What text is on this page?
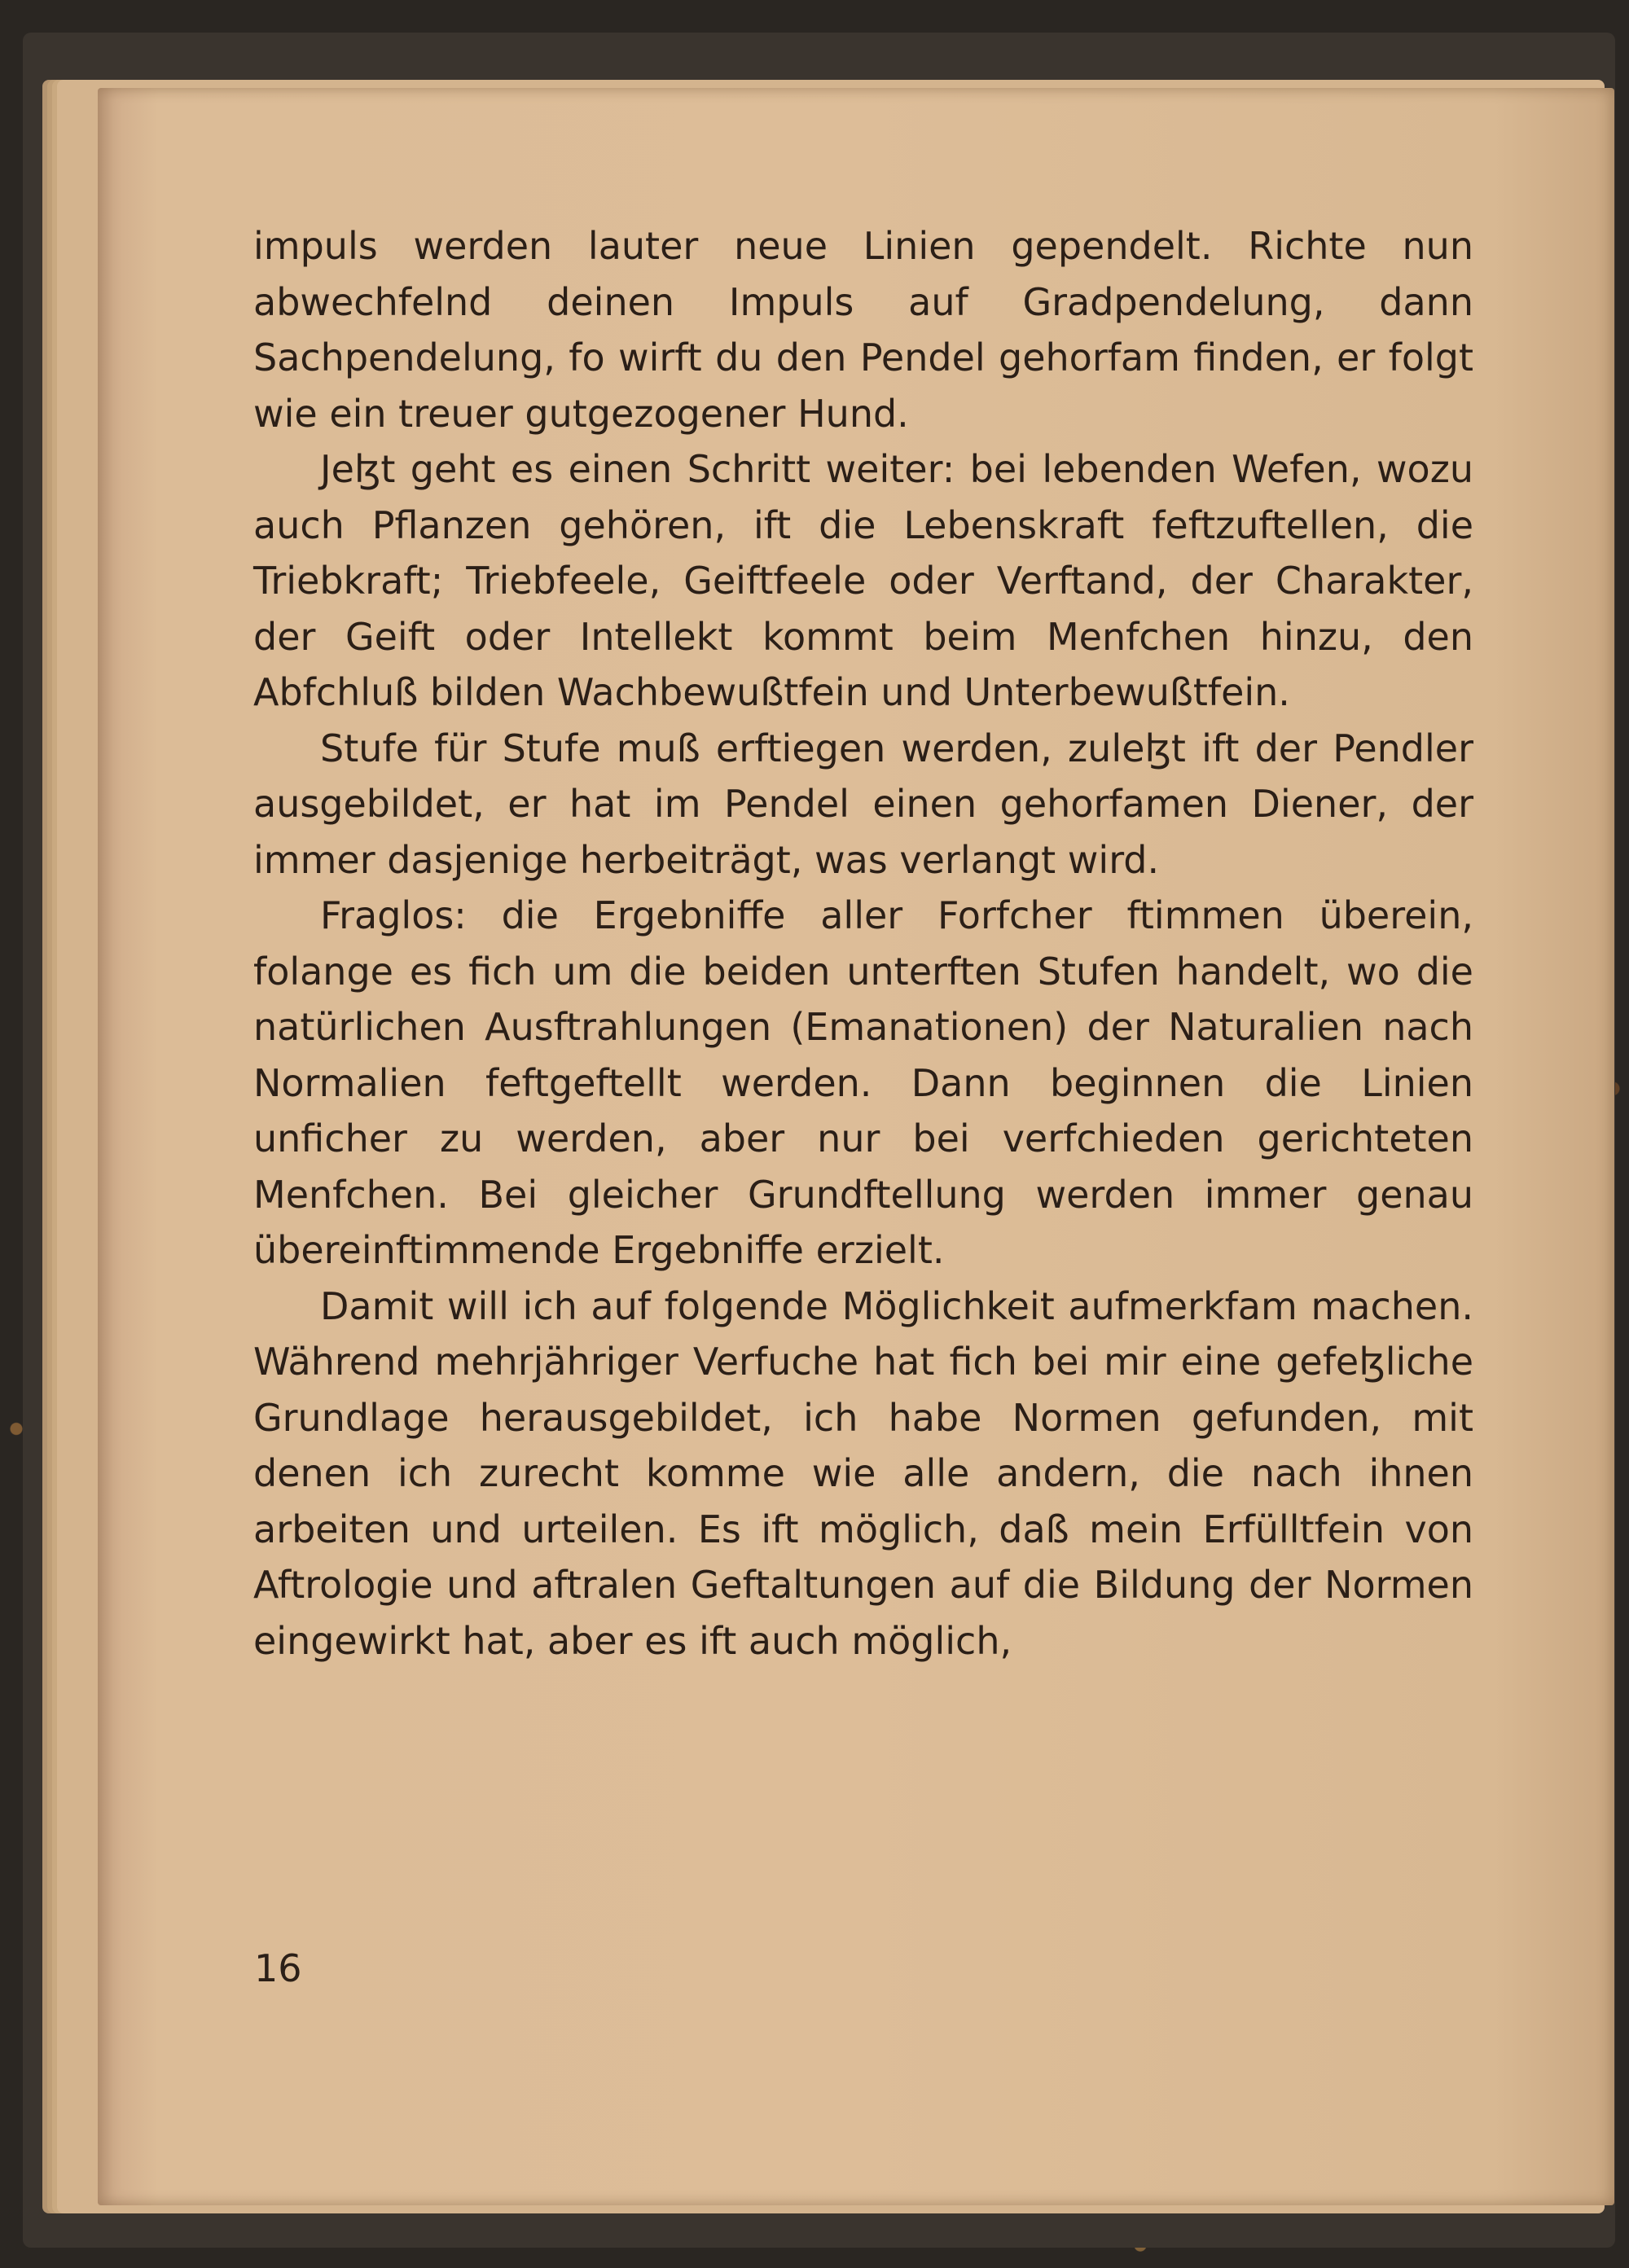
impuls werden lauter neue Linien gependelt. Richte nun abwechfelnd deinen Impuls auf Gradpendelung, dann Sachpendelung, fo wirft du den Pendel gehorfam finden, er folgt wie ein treuer gutgezogener Hund.

Jeɮt geht es einen Schritt weiter: bei lebenden Wefen, wozu auch Pflanzen gehören, ift die Lebenskraft feftzuftellen, die Triebkraft; Triebfeele, Geiftfeele oder Verftand, der Charakter, der Geift oder Intellekt kommt beim Menfchen hinzu, den Abfchluß bilden Wachbewußtfein und Unterbewußtfein.

Stufe für Stufe muß erftiegen werden, zuleɮt ift der Pendler ausgebildet, er hat im Pendel einen gehorfamen Diener, der immer dasjenige herbeiträgt, was verlangt wird.

Fraglos: die Ergebniffe aller Forfcher ftimmen überein, folange es fich um die beiden unterften Stufen handelt, wo die natürlichen Ausftrahlungen (Emanationen) der Naturalien nach Normalien feftgeftellt werden. Dann beginnen die Linien unficher zu werden, aber nur bei verfchieden gerichteten Menfchen. Bei gleicher Grundftellung werden immer genau übereinftimmende Ergebniffe erzielt.

Damit will ich auf folgende Möglichkeit aufmerkfam machen. Während mehrjähriger Verfuche hat fich bei mir eine gefeɮliche Grundlage herausgebildet, ich habe Normen gefunden, mit denen ich zurecht komme wie alle andern, die nach ihnen arbeiten und urteilen. Es ift möglich, daß mein Erfülltfein von Aftrologie und aftralen Geftaltungen auf die Bildung der Normen eingewirkt hat, aber es ift auch möglich,

16
